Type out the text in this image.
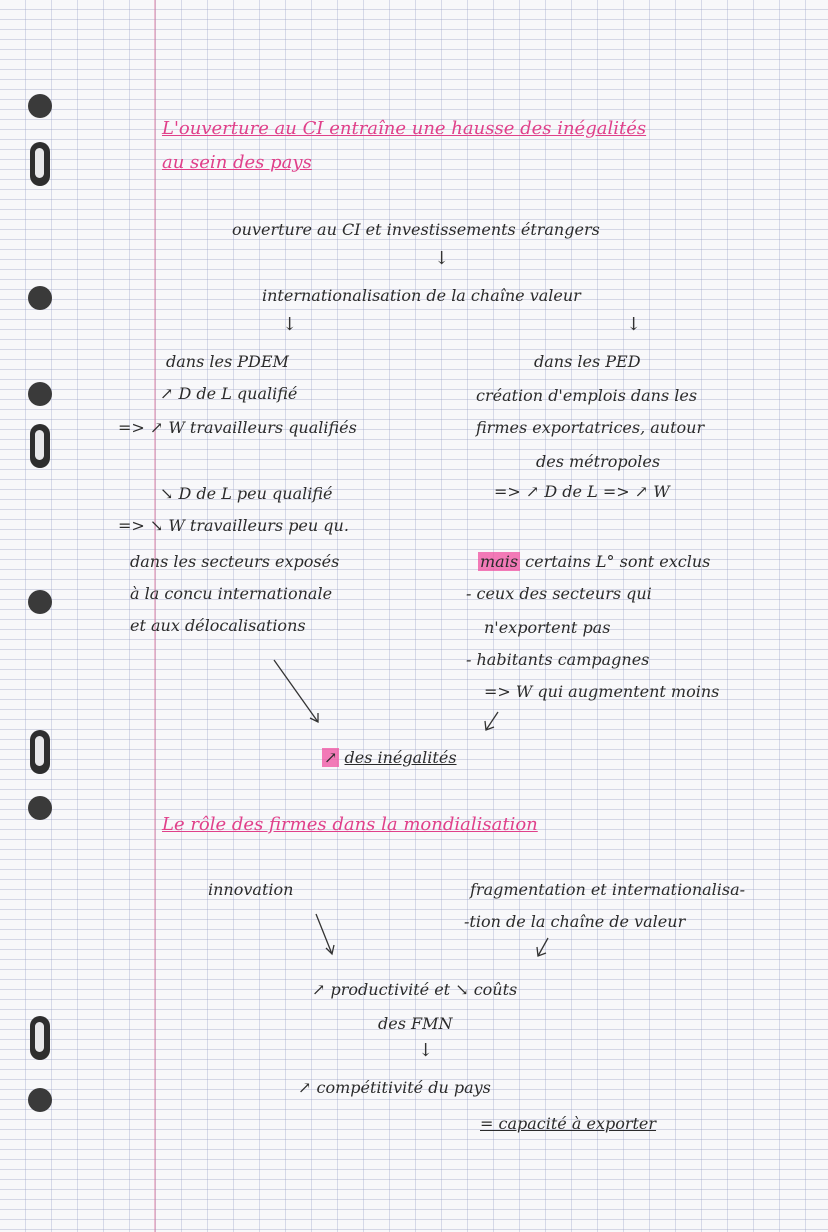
L'ouverture au CI entraîne une hausse des inégalités
au sein des pays
ouverture au CI et investissements étrangers
↓
internationalisation de la chaîne valeur
↓	↓
dans les PDEM
↗ D de L qualifié
=> ↗ W travailleurs qualifiés
↘ D de L peu qualifié
=> ↘ W travailleurs peu qu.
dans les secteurs exposés
à la concu internationale
et aux délocalisations
dans les PED
création d'emplois dans les
firmes exportatrices, autour
des métropoles
=> ↗ D de L => ↗ W
mais certains L° sont exclus
- ceux des secteurs qui
n'exportent pas
- habitants campagnes
=> W qui augmentent moins
↗ des inégalités
Le rôle des firmes dans la mondialisation
innovation	fragmentation et internationalisa-
-tion de la chaîne de valeur
↗ productivité et ↘ coûts
des FMN
↓
↗ compétitivité du pays
= capacité à exporter
